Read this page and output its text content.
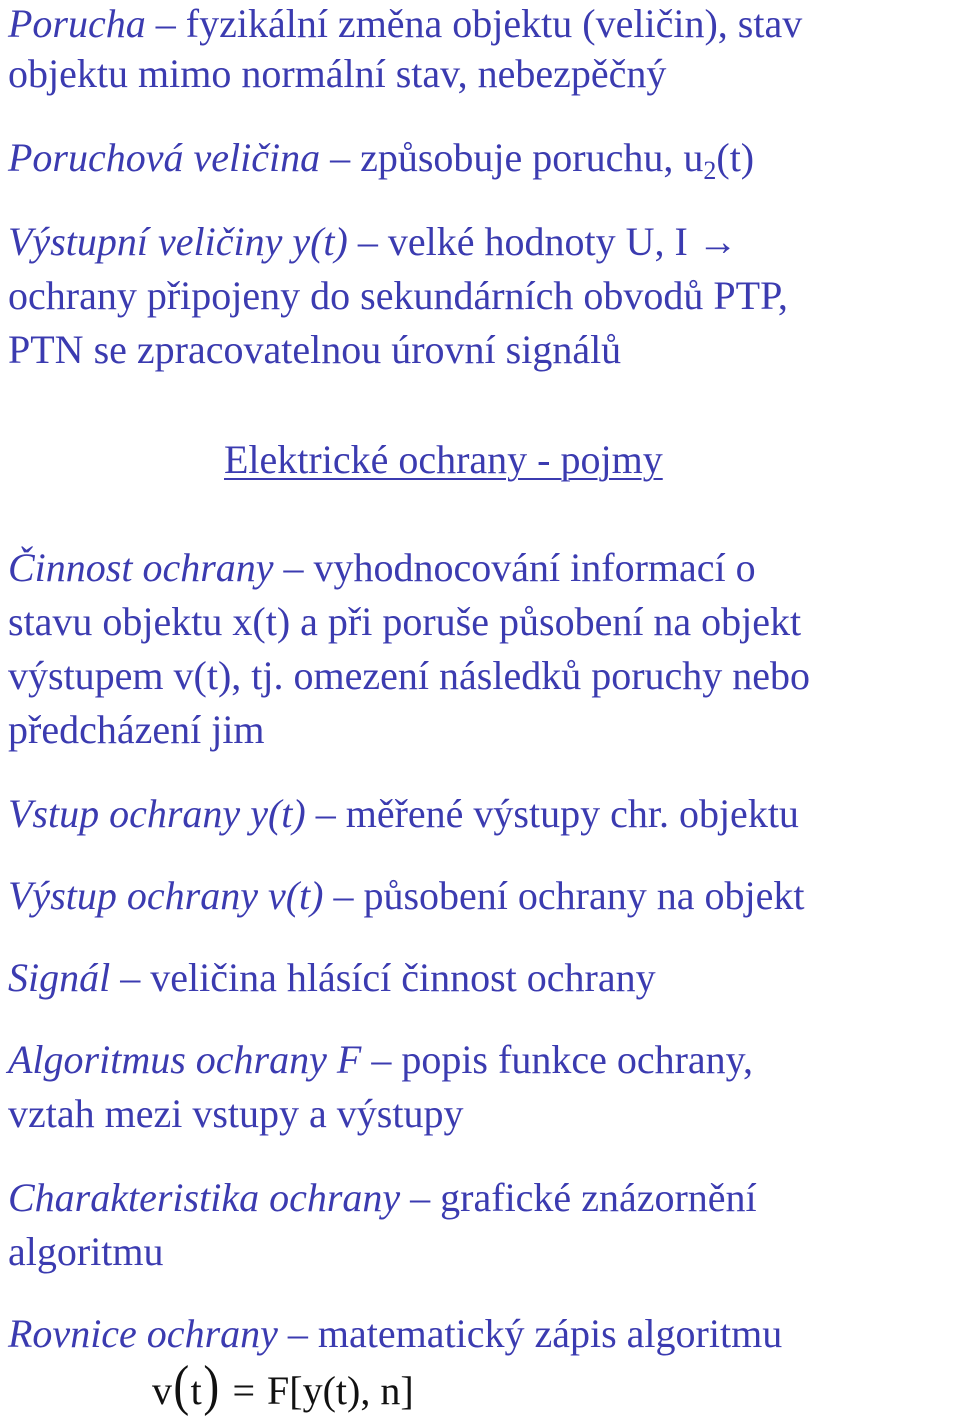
Porucha – fyzikální změna objektu (veličin), stav
objektu mimo normální stav, nebezpěčný
Poruchová veličina – způsobuje poruchu, $u_2(t)$
Výstupní veličiny y(t) – velké hodnoty U, I →
ochrany připojeny do sekundárních obvodů PTP,
PTN se zpracovatelnou úrovní signálů
Elektrické ochrany - pojmy
Činnost ochrany – vyhodnocování informací o
stavu objektu x(t) a při poruše působení na objekt
výstupem v(t), tj. omezení následků poruchy nebo
předcházení jim
Vstup ochrany y(t) – měřené výstupy chr. objektu
Výstup ochrany v(t) – působení ochrany na objekt
Signál – veličina hlásící činnost ochrany
Algoritmus ochrany F – popis funkce ochrany,
vztah mezi vstupy a výstupy
Charakteristika ochrany – grafické znázornění
algoritmu
Rovnice ochrany – matematický zápis algoritmu
v(t) = F[y(t), n]
